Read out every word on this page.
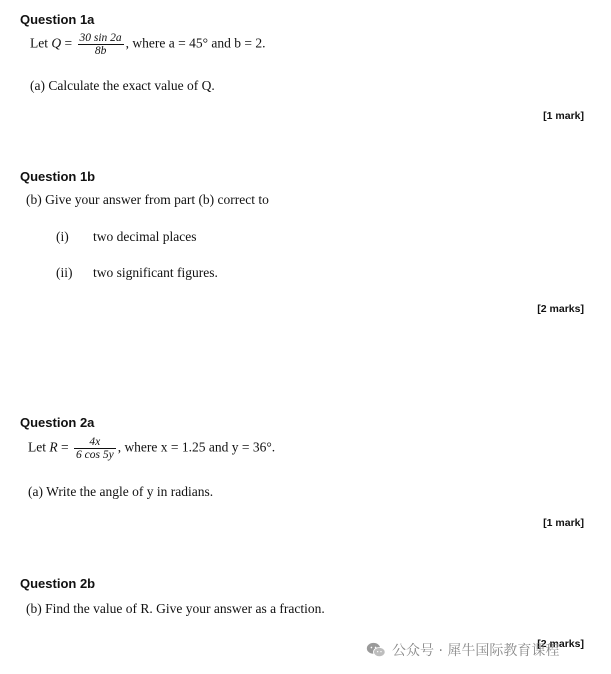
Question 1a
Let $Q = \frac{30 \sin 2a}{8b}$ , where a = 45° and b = 2.
(a) Calculate the exact value of Q.
[1 mark]
Question 1b
(b) Give your answer from part (b) correct to
(i) two decimal places
(ii) two significant figures.
[2 marks]
Question 2a
Let $R = \frac{4x}{6 \cos 5y}$ , where x = 1.25 and y = 36°.
(a) Write the angle of y in radians.
[1 mark]
Question 2b
(b) Find the value of R. Give your answer as a fraction.
[2 marks]
公众号 · 犀牛国际教育课程
